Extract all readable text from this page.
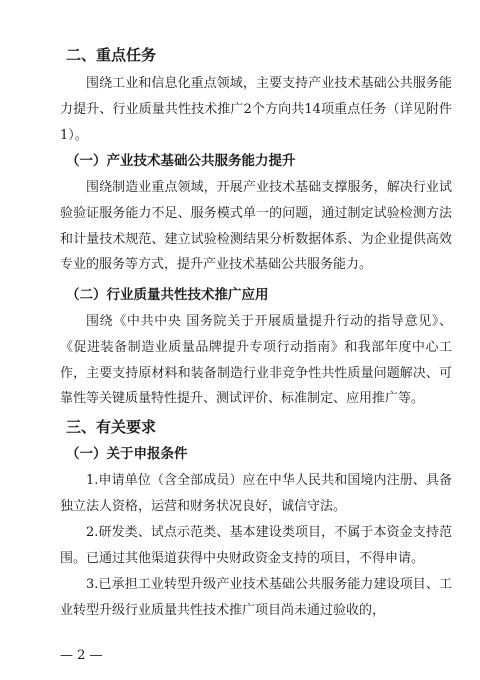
二、重点任务
围绕工业和信息化重点领域，主要支持产业技术基础公共服务能力提升、行业质量共性技术推广2个方向共14项重点任务（详见附件1）。
（一）产业技术基础公共服务能力提升
围绕制造业重点领域，开展产业技术基础支撑服务，解决行业试验验证服务能力不足、服务模式单一的问题，通过制定试验检测方法和计量技术规范、建立试验检测结果分析数据体系、为企业提供高效专业的服务等方式，提升产业技术基础公共服务能力。
（二）行业质量共性技术推广应用
围绕《中共中央 国务院关于开展质量提升行动的指导意见》、《促进装备制造业质量品牌提升专项行动指南》和我部年度中心工作，主要支持原材料和装备制造行业非竞争性共性质量问题解决、可靠性等关键质量特性提升、测试评价、标准制定、应用推广等。
三、有关要求
（一）关于申报条件
1.申请单位（含全部成员）应在中华人民共和国境内注册、具备独立法人资格，运营和财务状况良好，诚信守法。
2.研发类、试点示范类、基本建设类项目，不属于本资金支持范围。已通过其他渠道获得中央财政资金支持的项目，不得申请。
3.已承担工业转型升级产业技术基础公共服务能力建设项目、工业转型升级行业质量共性技术推广项目尚未通过验收的，
— 2 —
